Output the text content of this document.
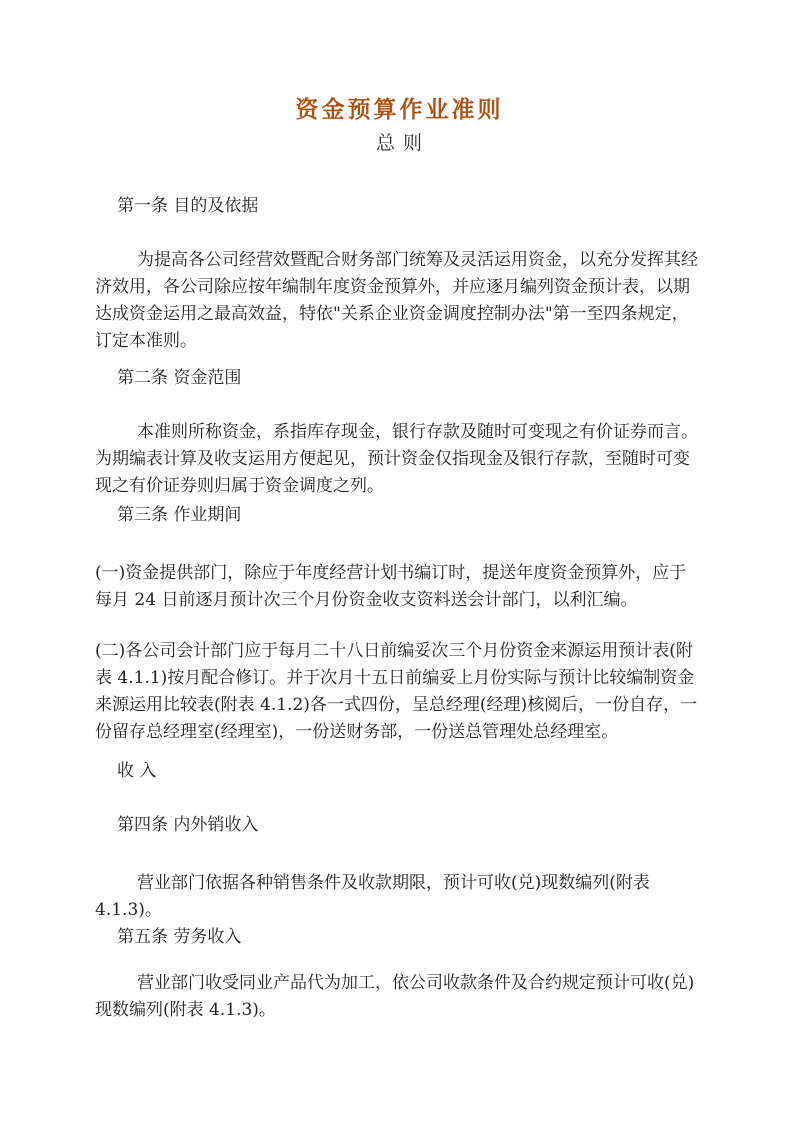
资金预算作业准则
总 则
第一条 目的及依据
为提高各公司经营效暨配合财务部门统筹及灵活运用资金，以充分发挥其经济效用，各公司除应按年编制年度资金预算外，并应逐月编列资金预计表，以期达成资金运用之最高效益，特依"关系企业资金调度控制办法"第一至四条规定，订定本准则。
第二条 资金范围
本准则所称资金，系指库存现金，银行存款及随时可变现之有价证券而言。为期编表计算及收支运用方便起见，预计资金仅指现金及银行存款，至随时可变现之有价证券则归属于资金调度之列。
第三条 作业期间
(一)资金提供部门，除应于年度经营计划书编订时，提送年度资金预算外，应于每月 24 日前逐月预计次三个月份资金收支资料送会计部门，以利汇编。
(二)各公司会计部门应于每月二十八日前编妥次三个月份资金来源运用预计表(附表 4.1.1)按月配合修订。并于次月十五日前编妥上月份实际与预计比较编制资金来源运用比较表(附表 4.1.2)各一式四份，呈总经理(经理)核阅后，一份自存，一份留存总经理室(经理室)，一份送财务部，一份送总管理处总经理室。
收 入
第四条 内外销收入
营业部门依据各种销售条件及收款期限，预计可收(兑)现数编列(附表 4.1.3)。
第五条 劳务收入
营业部门收受同业产品代为加工，依公司收款条件及合约规定预计可收(兑)现数编列(附表 4.1.3)。
